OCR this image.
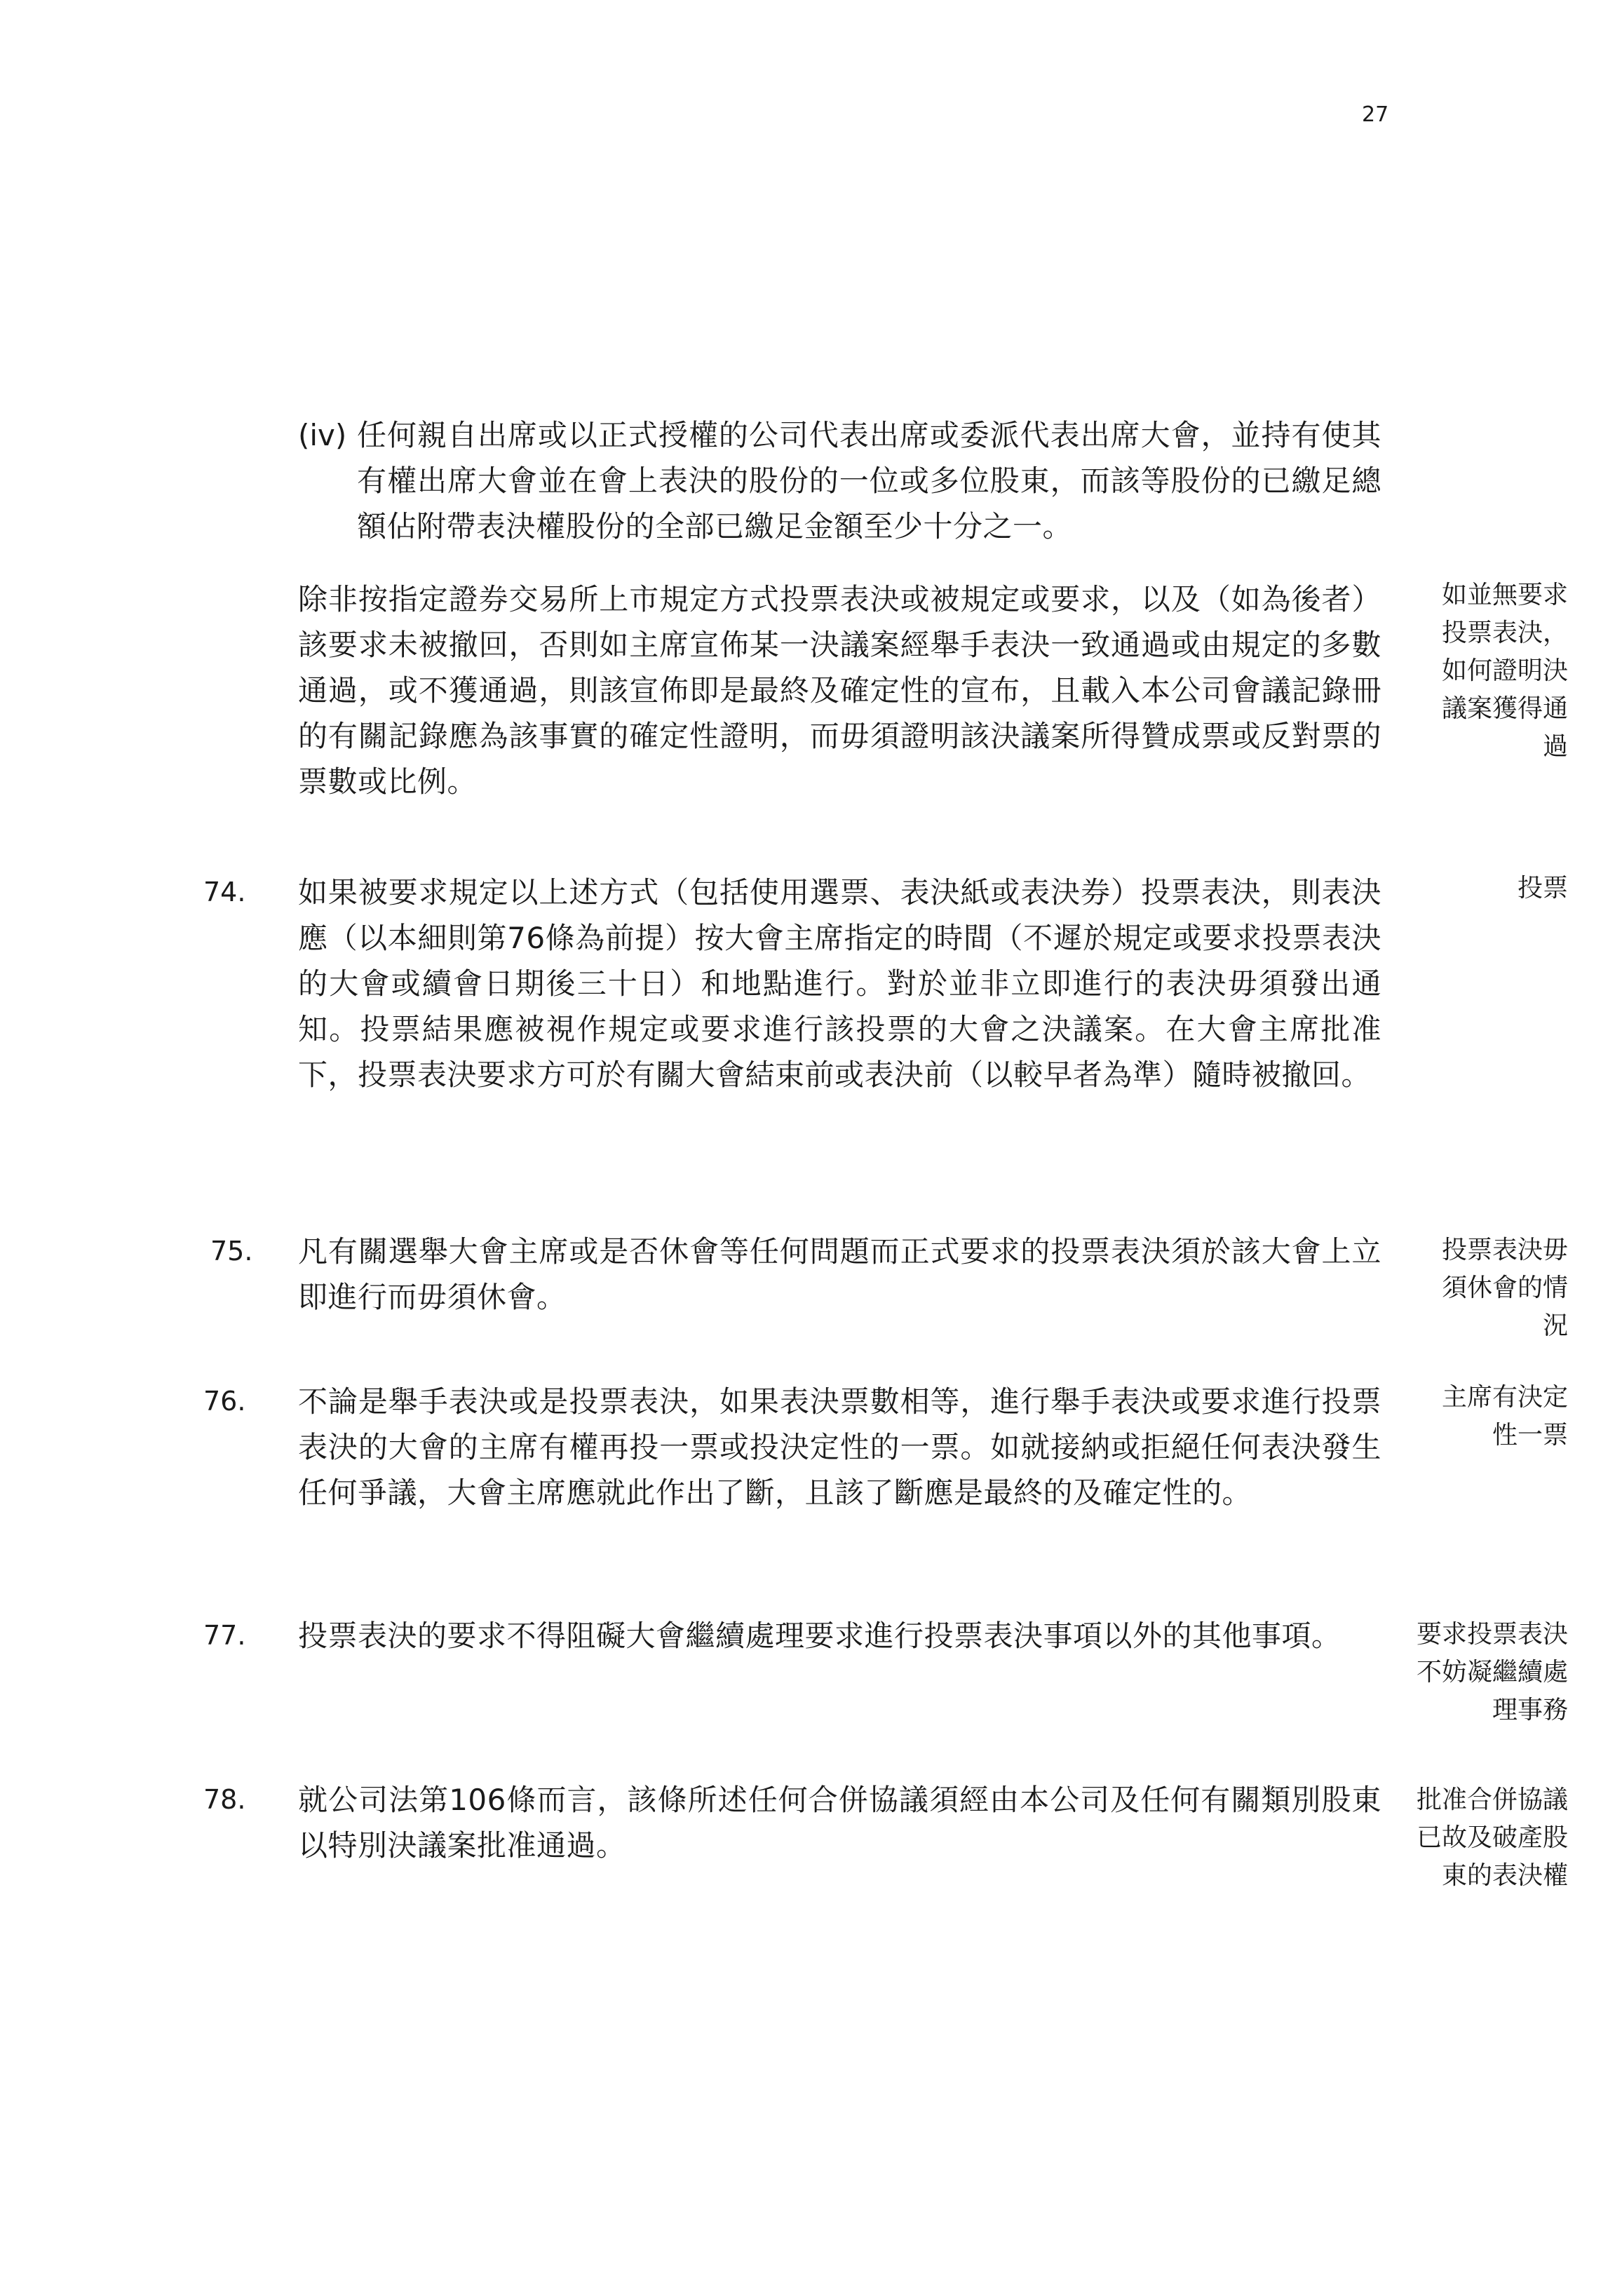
27
(iv) 任何親自出席或以正式授權的公司代表出席或委派代表出席大會，並持有使其有權出席大會並在會上表決的股份的一位或多位股東，而該等股份的已繳足總額佔附帶表決權股份的全部已繳足金額至少十分之一。
除非按指定證券交易所上市規定方式投票表決或被規定或要求，以及（如為後者）該要求未被撤回，否則如主席宣佈某一決議案經舉手表決一致通過或由規定的多數通過，或不獲通過，則該宣佈即是最終及確定性的宣布，且載入本公司會議記錄冊的有關記錄應為該事實的確定性證明，而毋須證明該決議案所得贊成票或反對票的票數或比例。
如並無要求投票表決，如何證明決議案獲得通過
74. 如果被要求規定以上述方式（包括使用選票、表決紙或表決券）投票表決，則表決應（以本細則第76條為前提）按大會主席指定的時間（不遲於規定或要求投票表決的大會或續會日期後三十日）和地點進行。對於並非立即進行的表決毋須發出通知。投票結果應被視作規定或要求進行該投票的大會之決議案。在大會主席批准下，投票表決要求方可於有關大會結束前或表決前（以較早者為準）隨時被撤回。
投票
75. 凡有關選舉大會主席或是否休會等任何問題而正式要求的投票表決須於該大會上立即進行而毋須休會。
投票表決毋須休會的情況
76. 不論是舉手表決或是投票表決，如果表決票數相等，進行舉手表決或要求進行投票表決的大會的主席有權再投一票或投決定性的一票。如就接納或拒絕任何表決發生任何爭議，大會主席應就此作出了斷，且該了斷應是最終的及確定性的。
主席有決定性一票
77. 投票表決的要求不得阻礙大會繼續處理要求進行投票表決事項以外的其他事項。	要求投票表決不妨凝繼續處理事務
78. 就公司法第106條而言，該條所述任何合併協議須經由本公司及任何有關類別股東以特別決議案批准通過。
批准合併協議已故及破產股東的表決權
